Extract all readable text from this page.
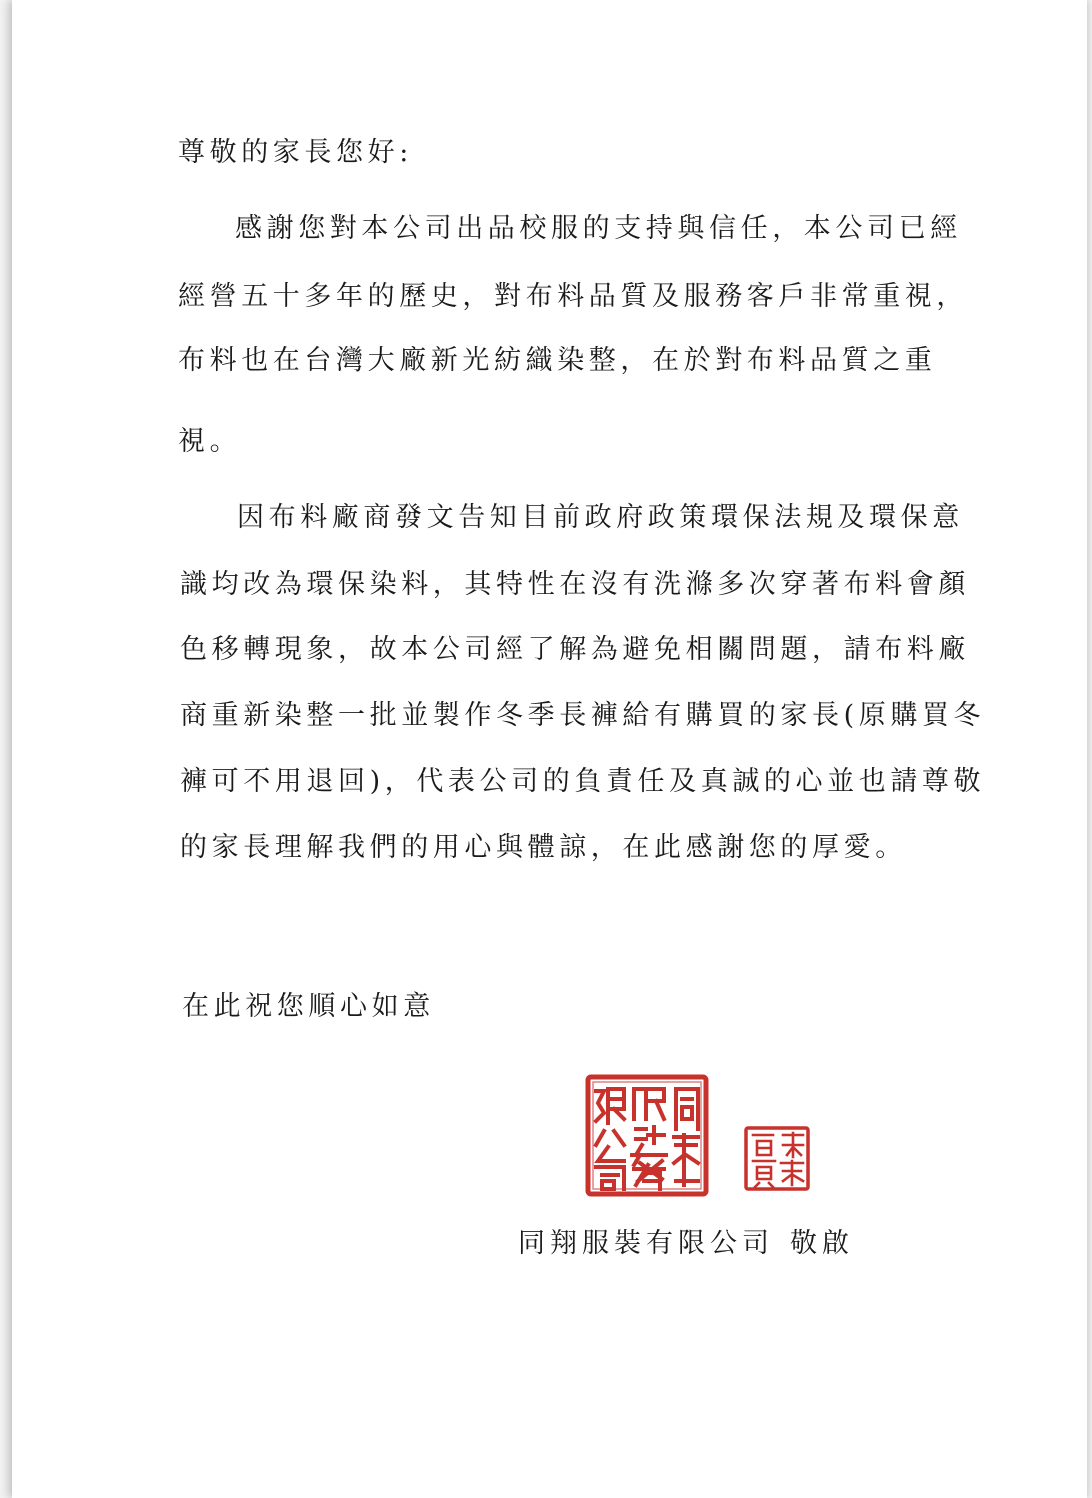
尊敬的家長您好:

感謝您對本公司出品校服的支持與信任，本公司已經

經營五十多年的歷史，對布料品質及服務客戶非常重視，

布料也在台灣大廠新光紡織染整，在於對布料品質之重

視。

因布料廠商發文告知目前政府政策環保法規及環保意

識均改為環保染料，其特性在沒有洗滌多次穿著布料會顏

色移轉現象，故本公司經了解為避免相關問題，請布料廠

商重新染整一批並製作冬季長褲給有購買的家長(原購買冬

褲可不用退回)，代表公司的負責任及真誠的心並也請尊敬

的家長理解我們的用心與體諒，在此感謝您的厚愛。

在此祝您順心如意

同翔服裝有限公司 敬啟
